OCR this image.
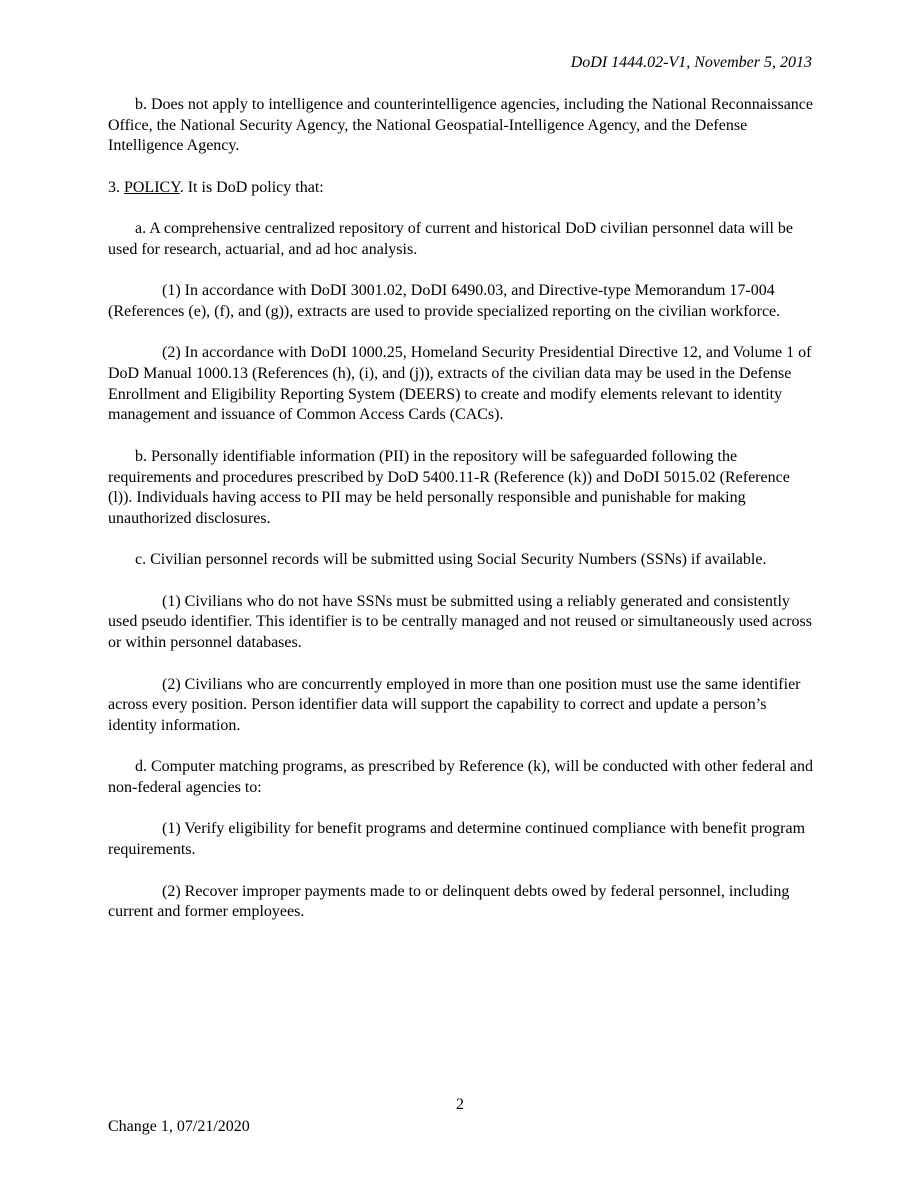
DoDI 1444.02-V1, November 5, 2013

b. Does not apply to intelligence and counterintelligence agencies, including the National Reconnaissance Office, the National Security Agency, the National Geospatial-Intelligence Agency, and the Defense Intelligence Agency.

3. POLICY. It is DoD policy that:

a. A comprehensive centralized repository of current and historical DoD civilian personnel data will be used for research, actuarial, and ad hoc analysis.

(1) In accordance with DoDI 3001.02, DoDI 6490.03, and Directive-type Memorandum 17-004 (References (e), (f), and (g)), extracts are used to provide specialized reporting on the civilian workforce.

(2) In accordance with DoDI 1000.25, Homeland Security Presidential Directive 12, and Volume 1 of DoD Manual 1000.13 (References (h), (i), and (j)), extracts of the civilian data may be used in the Defense Enrollment and Eligibility Reporting System (DEERS) to create and modify elements relevant to identity management and issuance of Common Access Cards (CACs).

b. Personally identifiable information (PII) in the repository will be safeguarded following the requirements and procedures prescribed by DoD 5400.11-R (Reference (k)) and DoDI 5015.02 (Reference (l)). Individuals having access to PII may be held personally responsible and punishable for making unauthorized disclosures.

c. Civilian personnel records will be submitted using Social Security Numbers (SSNs) if available.

(1) Civilians who do not have SSNs must be submitted using a reliably generated and consistently used pseudo identifier. This identifier is to be centrally managed and not reused or simultaneously used across or within personnel databases.

(2) Civilians who are concurrently employed in more than one position must use the same identifier across every position. Person identifier data will support the capability to correct and update a person’s identity information.

d. Computer matching programs, as prescribed by Reference (k), will be conducted with other federal and non-federal agencies to:

(1) Verify eligibility for benefit programs and determine continued compliance with benefit program requirements.

(2) Recover improper payments made to or delinquent debts owed by federal personnel, including current and former employees.

2
Change 1, 07/21/2020
